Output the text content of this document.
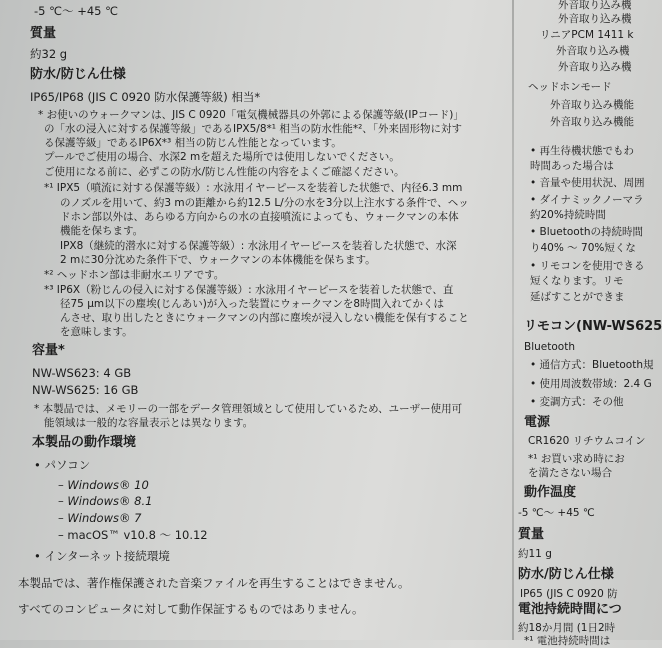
-5 ℃～ +45 ℃
質量
約32 g
防水/防じん仕様
IP65/IP68 (JIS C 0920 防水保護等級) 相当*
* お使いのウォークマンは、JIS C 0920「電気機械器具の外郭による保護等級(IPコード)」
の「水の浸入に対する保護等級」であるIPX5/8*¹ 相当の防水性能*²、「外来固形物に対す
る保護等級」であるIP6X*³ 相当の防じん性能となっています。
プールでご使用の場合、水深2 mを超えた場所では使用しないでください。
ご使用になる前に、必ずこの防水/防じん性能の内容をよくご確認ください。
*¹ IPX5（噴流に対する保護等級）: 水泳用イヤーピースを装着した状態で、内径6.3 mm
のノズルを用いて、約3 mの距離から約12.5 L/分の水を3分以上注水する条件で、ヘッ
ドホン部以外は、あらゆる方向からの水の直接噴流によっても、ウォークマンの本体
機能を保ちます。
IPX8（継続的潜水に対する保護等級）: 水泳用イヤーピースを装着した状態で、水深
2 mに30分沈めた条件下で、ウォークマンの本体機能を保ちます。
*² ヘッドホン部は非耐水エリアです。
*³ IP6X（粉じんの侵入に対する保護等級）: 水泳用イヤーピースを装着した状態で、直
径75 μm以下の塵埃(じんあい)が入った装置にウォークマンを8時間入れてかくは
んさせ、取り出したときにウォークマンの内部に塵埃が浸入しない機能を保有すること
を意味します。
容量*
NW-WS623: 4 GB
NW-WS625: 16 GB
* 本製品では、メモリーの一部をデータ管理領域として使用しているため、ユーザー使用可
能領域は一般的な容量表示とは異なります。
本製品の動作環境
• パソコン
– Windows® 10
– Windows® 8.1
– Windows® 7
– macOS™ v10.8 ～ 10.12
• インターネット接続環境
本製品では、著作権保護された音楽ファイルを再生することはできません。
すべてのコンピュータに対して動作保証するものではありません。
外音取り込み機
外音取り込み機
リニアPCM 1411 k
外音取り込み機
外音取り込み機
ヘッドホンモード
外音取り込み機能
外音取り込み機能
• 再生待機状態でもわ
時間あった場合は
• 音量や使用状況、周囲
• ダイナミックノーマラ
約20%持続時間
• Bluetoothの持続時間
り40% ～ 70%短くな
• リモコンを使用できる
短くなります。リモ
延ばすことができま
リモコン(NW-WS625
Bluetooth
• 通信方式：Bluetooth規
• 使用周波数帯域：2.4 G
• 変調方式：その他
電源
CR1620 リチウムコイン
*¹ お買い求め時にお
を満たさない場合
動作温度
-5 ℃～ +45 ℃
質量
約11 g
防水/防じん仕様
IP65 (JIS C 0920 防
電池持続時間につ
約18か月間 (1日2時
*¹ 電池持続時間は
